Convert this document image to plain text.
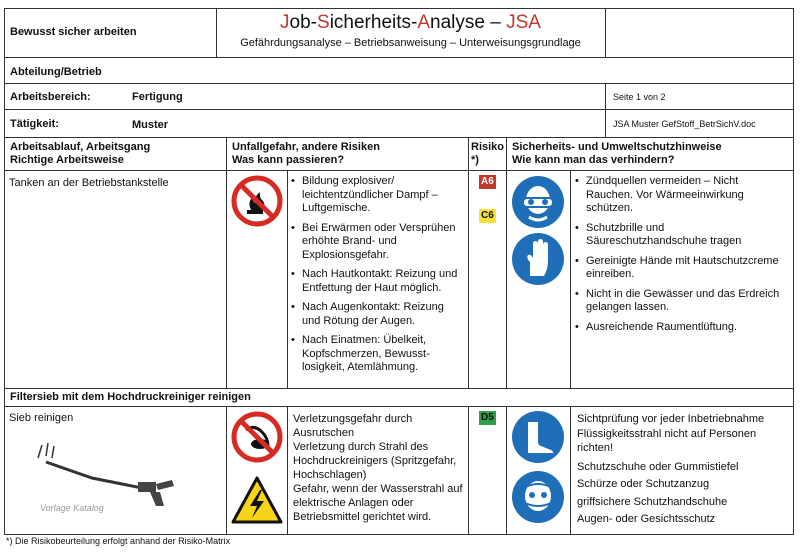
Bewusst sicher arbeiten	Job-Sicherheits-Analyse – JSA
Gefährdungsanalyse – Betriebsanweisung – Unterweisungsgrundlage
Abteilung/Betrieb
Arbeitsbereich:	Fertigung	Seite 1 von 2
Tätigkeit:	Muster	JSA Muster GefStoff_BetrSichV.doc
Arbeitsablauf, Arbeitsgang
Richtige Arbeitsweise
Unfallgefahr, andere Risiken
Was kann passieren?
Risiko
*)
Sicherheits- und Umweltschutzhinweise
Wie kann man das verhindern?
Tanken an der Betriebstankstelle
•	Bildung explosiver/ leichtentzündlicher Dampf – Luftgemische.
• Bei Erwärmen oder Versprühen erhöhte Brand- und Explosionsgefahr.
• Nach Hautkontakt: Reizung und Entfettung der Haut möglich.
• Nach Augenkontakt: Reizung und Rötung der Augen.
• Nach Einatmen: Übelkeit, Kopfschmerzen, Bewusst-losigkeit, Atemlähmung.
A6
C6
• Zündquellen vermeiden – Nicht Rauchen. Vor Wärmeeinwirkung schützen.
• Schutzbrille und Säureschutzhandschuhe tragen
• Gereinigte Hände mit Hautschutzcreme einreiben.
• Nicht in die Gewässer und das Erdreich gelangen lassen.
• Ausreichende Raumentlüftung.
Filtersieb mit dem Hochdruckreiniger reinigen
Sieb reinigen
Vorlage Katalog
Verletzungsgefahr durch Ausrutschen
Verletzung durch Strahl des Hochdruckreinigers (Spritzgefahr, Hochschlagen)
Gefahr, wenn der Wasserstrahl auf elektrische Anlagen oder Betriebsmittel gerichtet wird.
D5	Sichtprüfung vor jeder Inbetriebnahme
Flüssigkeitsstrahl nicht auf Personen richten!
Schutzschuhe oder Gummistiefel
Schürze oder Schutzanzug
griffsichere Schutzhandschuhe
Augen- oder Gesichtsschutz
*) Die Risikobeurteilung erfolgt anhand der Risiko-Matrix
